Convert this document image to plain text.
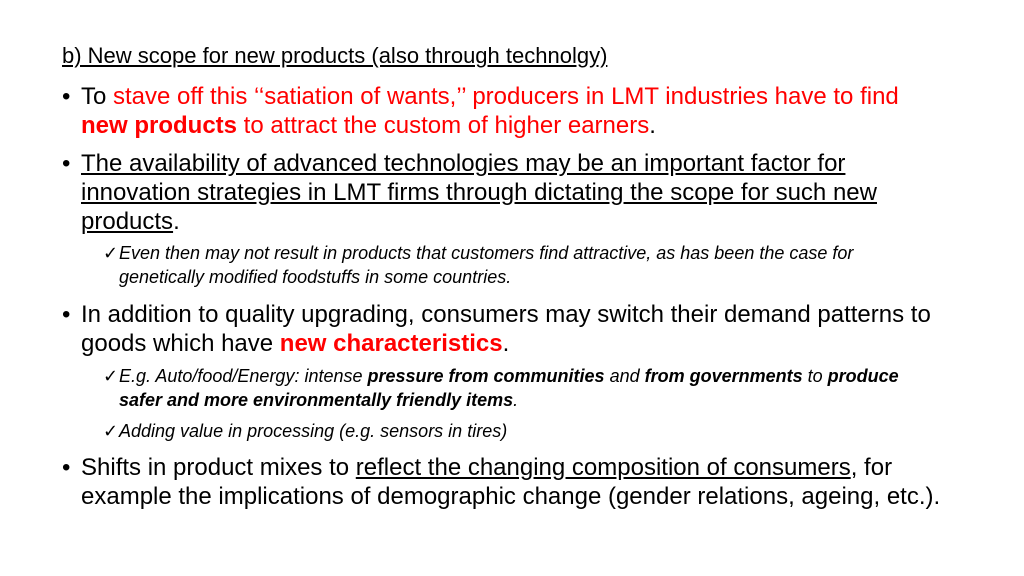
b) New scope for new products (also through technolgy)
• To stave off this ‘‘satiation of wants,’’ producers in LMT industries have to find new products to attract the custom of higher earners.
• The availability of advanced technologies may be an important factor for innovation strategies in LMT firms through dictating the scope for such new products.
✓ Even then may not result in products that customers find attractive, as has been the case for genetically modified foodstuffs in some countries.
• In addition to quality upgrading, consumers may switch their demand patterns to goods which have new characteristics.
✓ E.g. Auto/food/Energy: intense pressure from communities and from governments to produce safer and more environmentally friendly items.
✓ Adding value in processing (e.g. sensors in tires)
• Shifts in product mixes to reflect the changing composition of consumers, for example the implications of demographic change (gender relations, ageing, etc.).
